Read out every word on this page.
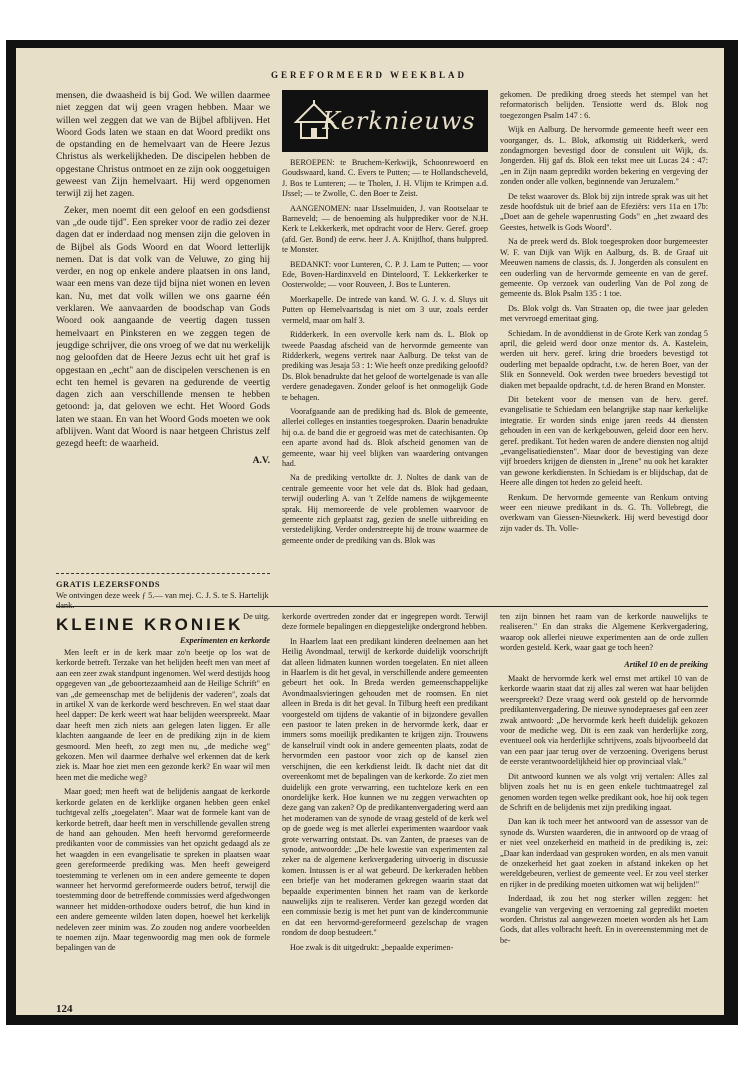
GEREFORMEERD WEEKBLAD

mensen, die dwaasheid is bij God. We willen daarmee niet zeggen dat wij geen vragen hebben. Maar we willen wel zeggen dat we van de Bijbel afblijven. Het Woord Gods laten we staan en dat Woord predikt ons de opstanding en de hemelvaart van de Heere Jezus Christus als werkelijkheden. De discipelen hebben de opgestane Christus ontmoet en ze zijn ook ooggetuigen geweest van Zijn hemelvaart. Hij werd opgenomen terwijl zij het zagen.

Zeker, men noemt dit een geloof en een godsdienst van „de oude tijd". Een spreker voor de radio zei dezer dagen dat er inderdaad nog mensen zijn die geloven in de Bijbel als Gods Woord en dat Woord letterlijk nemen. Dat is dat volk van de Veluwe, zo ging hij verder, en nog op enkele andere plaatsen in ons land, waar een mens van deze tijd bijna niet wonen en leven kan. Nu, met dat volk willen we ons gaarne één verklaren. We aanvaarden de boodschap van Gods Woord ook aangaande de veertig dagen tussen hemelvaart en Pinksteren en we zeggen tegen de jeugdige schrijver, die ons vroeg of we dat nu werkelijk nog geloofden dat de Heere Jezus echt uit het graf is opgestaan en „echt" aan de discipelen verschenen is en echt ten hemel is gevaren na gedurende de veertig dagen zich aan verschillende mensen te hebben getoond: ja, dat geloven we echt. Het Woord Gods laten we staan. En van het Woord Gods moeten we ook afblijven. Want dat Woord is naar hetgeen Christus zelf gezegd heeft: de waarheid.

A.V.
GRATIS LEZERSFONDS
We ontvingen deze week ƒ 5.— van mej. C. J. S. te S. Hartelijk dank.
De uitg.
Kerknieuws

BEROEPEN: te Bruchem-Kerkwijk, Schoonrewoerd en Goudswaard, kand. C. Evers te Putten; — te Hollandscheveld, J. Bos te Lunteren; — te Tholen, J. H. Vlijm te Krimpen a.d. IJssel; — te Zwolle, C. den Boer te Zeist.

AANGENOMEN: naar IJsselmuiden, J. van Rootselaar te Barneveld; — de benoeming als hulpprediker voor de N.H. Kerk te Lekkerkerk, met opdracht voor de Herv. Geref. groep (afd. Ger. Bond) de eerw. heer J. A. Knijtlhof, thans hulppred. te Monster.

BEDANKT: voor Lunteren, C. P. J. Lam te Putten; — voor Ede, Boven-Hardinxveld en Dinteloord, T. Lekkerkerker te Oosterwolde; — voor Rouveen, J. Bos te Lunteren.

Moerkapelle. De intrede van kand. W. G. J. v. d. Sluys uit Putten op Hemelvaartsdag is niet om 3 uur, zoals eerder vermeld, maar om half 3.

Ridderkerk. In een overvolle kerk nam ds. L. Blok op tweede Paasdag afscheid van de hervormde gemeente van Ridderkerk, wegens vertrek naar Aalburg. De tekst van de prediking was Jesaja 53 : 1: Wie heeft onze prediking geloofd? Ds. Blok benadrukte dat het geloof de wortelgenade is van alle verdere genadegaven. Zonder geloof is het onmogelijk Gode te behagen.

Voorafgaande aan de prediking had ds. Blok de gemeente, allerlei colleges en instanties toegesproken. Daarin benadrukte hij o.a. de band die er gegroeid was met de catechisanten. Op een aparte avond had ds. Blok afscheid genomen van de gemeente, waar hij veel blijken van waardering ontvangen had.

Na de prediking vertolkte dr. J. Noltes de dank van de centrale gemeente voor het vele dat ds. Blok had gedaan, terwijl ouderling A. van 't Zelfde namens de wijkgemeente sprak. Hij memoreerde de vele problemen waarvoor de gemeente zich geplaatst zag, gezien de snelle uitbreiding en verstedelijking. Verder onderstreepte hij de trouw waarmee de gemeente onder de prediking van ds. Blok was

gekomen. De prediking droeg steeds het stempel van het reformatorisch belijden. Tensiotte werd ds. Blok nog toegezongen Psalm 147 : 6.

Wijk en Aalburg. De hervormde gemeente heeft weer een voorganger, ds. L. Blok, afkomstig uit Ridderkerk, werd zondagmorgen bevestigd door de consulent uit Wijk, ds. Jongerden. Hij gaf ds. Blok een tekst mee uit Lucas 24 : 47: „en in Zijn naam gepredikt worden bekering en vergeving der zonden onder alle volken, beginnende van Jeruzalem."

De tekst waarover ds. Blok bij zijn intrede sprak was uit het zesde hoofdstuk uit de brief aan de Efeziërs: vers 11a en 17b: „Doet aan de gehele wapenrusting Gods" en „het zwaard des Geestes, hetwelk is Gods Woord".

Na de preek werd ds. Blok toegesproken door burgemeester W. F. van Dijk van Wijk en Aalburg, ds. B. de Graaf uit Meeuwen namens de classis, ds. J. Jongerden als consulent en een ouderling van de hervormde gemeente en van de geref. gemeente. Op verzoek van ouderling Van de Pol zong de gemeente ds. Blok Psalm 135 : 1 toe.

Ds. Blok volgt ds. Van Straaten op, die twee jaar geleden met vervroegd emeritaat ging.

Schiedam. In de avonddienst in de Grote Kerk van zondag 5 april, die geleid werd door onze mentor ds. A. Kastelein, werden uit herv. geref. kring drie broeders bevestigd tot ouderling met bepaalde opdracht, t.w. de heren Boer, van der Slik en Sonneveld. Ook werden twee broeders bevestigd tot diaken met bepaalde opdracht, t.d. de heren Brand en Monster.

Dit betekent voor de mensen van de herv. geref. evangelisatie te Schiedam een belangrijke stap naar kerkelijke integratie. Er worden sinds enige jaren reeds 44 diensten gehouden in een van de kerkgebouwen, geleid door een herv. geref. predikant. Tot heden waren de andere diensten nog altijd „evangelisatiediensten". Maar door de bevestiging van deze vijf broeders krijgen de diensten in „Irene" nu ook het karakter van gewone kerkdiensten. In Schiedam is er blijdschap, dat de Heere alle dingen tot heden zo geleid heeft.

Renkum. De hervormde gemeente van Renkum ontving weer een nieuwe predikant in ds. G. Th. Vollebregt, die overkwam van Giessen-Nieuwkerk. Hij werd bevestigd door zijn vader ds. Th. Volle-

KLEINE KRONIEK
Experimenten en kerkorde

Men leeft er in de kerk maar zo'n beetje op los wat de kerkorde betreft. Terzake van het belijden heeft men van meet af aan een zeer zwak standpunt ingenomen. Wel werd destijds hoog opgegeven van „de geboortezaamheid aan de Heilige Schrift" en van „de gemeenschap met de belijdenis der vaderen", zoals dat in artikel X van de kerkorde werd beschreven. En wel staat daar heel dapper: De kerk weert wat haar belijden weerspreekt. Maar daar heeft men zich niets aan gelegen laten liggen. Er alle klachten aangaande de leer en de prediking zijn in de kiem gesmoord. Men heeft, zo zegt men nu, „de mediche weg" gekozen. Men wil daarmee derhalve wel erkennen dat de kerk ziek is. Maar hoe ziet men een gezonde kerk? En waar wil men heen met die mediche weg?

Maar goed; men heeft wat de belijdenis aangaat de kerkorde kerkorde gelaten en de kerklijke organen hebben geen enkel tuchtgeval zelfs „toegelaten". Maar wat de formele kant van de kerkorde betreft, daar heeft men in verschillende gevallen streng de hand aan gehouden. Men heeft hervormd gereformeerde predikanten voor de commissies van het opzicht gedaagd als ze het waagden in een evangelisatie te spreken in plaatsen waar geen gereformeerde prediking was. Men heeft geweigerd toestemming te verlenen om in een andere gemeente te dopen wanneer het hervormd gereformeerde ouders betrof, terwijl die toestemming door de betreffende commissies werd afgedwongen wanneer het midden-orthodoxe ouders betrof, die hun kind in een andere gemeente wilden laten dopen, hoewel het kerkelijk nedeleven zeer minim was. Zo zouden nog andere voorbeelden te noemen zijn. Maar tegenwoordig mag men ook de formele bepalingen van de

kerkorde overtreden zonder dat er ingegrepen wordt. Terwijl deze formele bepalingen en diepgestelijke ondergrond hebben.

In Haarlem laat een predikant kinderen deelnemen aan het Heilig Avondmaal, terwijl de kerkorde duidelijk voorschrijft dat alleen lidmaten kunnen worden toegelaten. En niet alleen in Haarlem is dit het geval, in verschillende andere gemeenten gebeurt het ook. In Breda werden gemeenschappelijke Avondmaalsvieringen gehouden met de roomsen. En niet alleen in Breda is dit het geval. In Tilburg heeft een predikant voorgesteld om tijdens de vakantie of in bijzondere gevallen een pastoor te laten preken in de hervormde kerk, daar er immers soms moeilijk predikanten te krijgen zijn. Trouwens de kanselruil vindt ook in andere gemeenten plaats, zodat de hervormden een pastoor voor zich op de kansel zien verschijnen, die een kerkdienst leidt. Ik dacht niet dat dit overeenkomt met de bepalingen van de kerkorde. Zo ziet men duidelijk een grote verwarring, een tuchteloze kerk en een onordelijke kerk. Hoe kunnen we nu zeggen verwachten op deze gang van zaken? Op de predikantenvergadering werd aan het moderamen van de synode de vraag gesteld of de kerk wel op de goede weg is met allerlei experimenten waardoor vaak grote verwarring ontstaat. Ds. van Zanten, de praeses van de synode, antwoordde: „De hele kwestie van experimenten zal zeker na de algemene kerkvergadering uitvoerig in discussie komen. Intussen is er al wat gebeurd. De kerkeraden hebben een briefje van het moderamen gekregen waarin staat dat bepaalde experimenten binnen het raam van de kerkorde nauwelijks zijn te realiseren. Verder kan gezegd worden dat een commissie bezig is met het punt van de kindercommunie en dat een hervormd-gereformeerd gezelschap de vragen rondom de doop bestudeert."

Hoe zwak is dit uitgedrukt: „bepaalde experimen-

ten zijn binnen het raam van de kerkorde nauwelijks te realiseren." En dan straks die Algemene Kerkvergadering, waarop ook allerlei nieuwe experimenten aan de orde zullen worden gesteld. Kerk, waar gaat ge toch heen?

Artikel 10 en de preiking

Maakt de hervormde kerk wel ernst met artikel 10 van de kerkorde waarin staat dat zij alles zal weren wat haar belijden weerspreekt? Deze vraag werd ook gesteld op de hervormde predikantenvergadering. De nieuwe synodepraeses gaf een zeer zwak antwoord: „De hervormde kerk heeft duidelijk gekozen voor de mediche weg. Dit is een zaak van herderlijke zorg, eventueel ook via herderlijke schrijvens, zoals bijvoorbeeld dat van een paar jaar terug over de verzoening. Overigens berust de eerste verantwoordelijkheid hier op provinciaal vlak."

Dit antwoord kunnen we als volgt vrij vertalen: Alles zal blijven zoals het nu is en geen enkele tuchtmaatregel zal genomen worden tegen welke predikant ook, hoe hij ook tegen de Schrift en de belijdenis met zijn prediking ingaat.

Dan kan ik toch meer het antwoord van de assessor van de synode ds. Wursten waarderen, die in antwoord op de vraag of er niet veel onzekerheid en matheid in de prediking is, zei: „Daar kan inderdaad van gesproken worden, en als men vanuit de onzekerheid het gaat zoeken in afstand inkeken op het wereldgebeuren, verliest de gemeente veel. Er zou veel sterker en rijker in de prediking moeten uitkomen wat wij belijden!"

Inderdaad, ik zou het nog sterker willen zeggen: het evangelie van vergeving en verzoening zal gepredikt moeten worden. Christus zal aangewezen moeten worden als het Lam Gods, dat alles volbracht heeft. En in overeenstemming met de be-

124
